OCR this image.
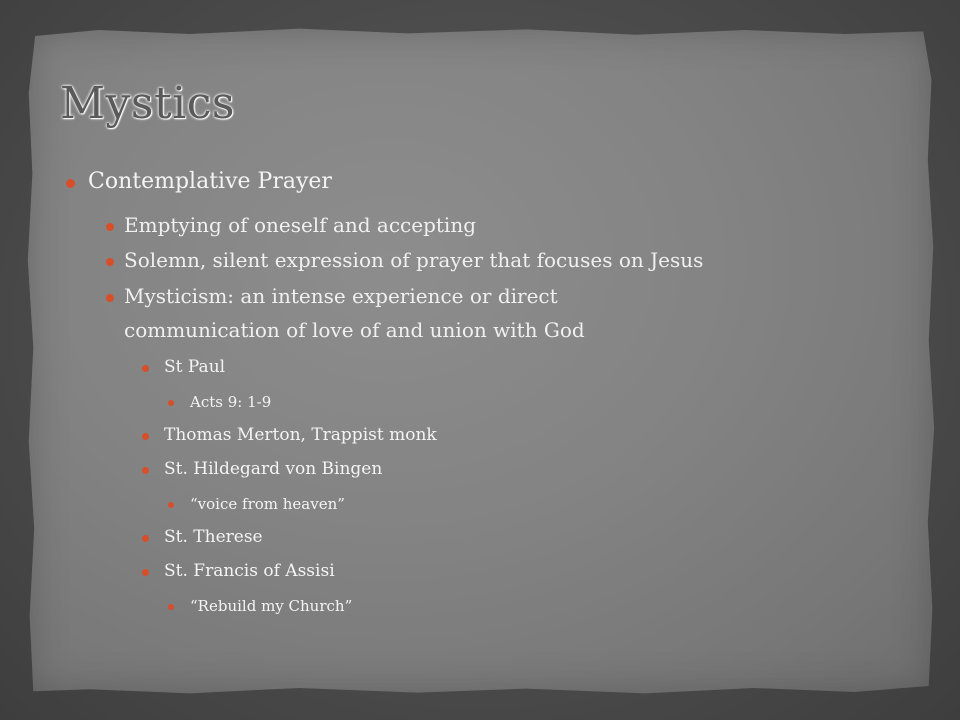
Mystics
Contemplative Prayer
Emptying of oneself and accepting
Solemn, silent expression of prayer that focuses on Jesus
Mysticism: an intense experience or direct
communication of love of and union with God
St Paul
Acts 9: 1-9
Thomas Merton, Trappist monk
St. Hildegard von Bingen
“voice from heaven”
St. Therese
St. Francis of Assisi
“Rebuild my Church”
